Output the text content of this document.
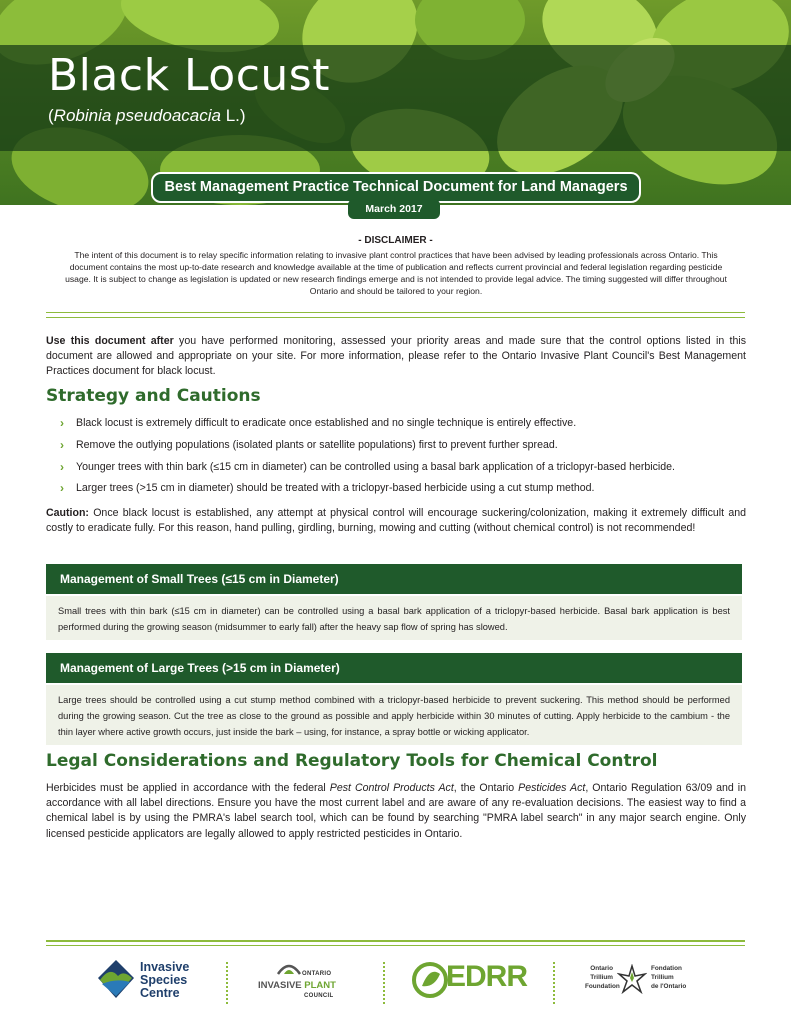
Black Locust

(Robinia pseudoacacia L.)

Best Management Practice Technical Document for Land Managers
March 2017
- DISCLAIMER -

The intent of this document is to relay specific information relating to invasive plant control practices that have been advised by leading professionals across Ontario. This document contains the most up-to-date research and knowledge available at the time of publication and reflects current provincial and federal legislation regarding pesticide usage. It is subject to change as legislation is updated or new research findings emerge and is not intended to provide legal advice. The timing suggested will differ throughout Ontario and should be tailored to your region.

Use this document after you have performed monitoring, assessed your priority areas and made sure that the control options listed in this document are allowed and appropriate on your site. For more information, please refer to the Ontario Invasive Plant Council's Best Management Practices document for black locust.

Strategy and Cautions
› Black locust is extremely difficult to eradicate once established and no single technique is entirely effective.
› Remove the outlying populations (isolated plants or satellite populations) first to prevent further spread.
› Younger trees with thin bark (≤15 cm in diameter) can be controlled using a basal bark application of a triclopyr-based herbicide.
› Larger trees (>15 cm in diameter) should be treated with a triclopyr-based herbicide using a cut stump method.

Caution: Once black locust is established, any attempt at physical control will encourage suckering/colonization, making it extremely difficult and costly to eradicate fully. For this reason, hand pulling, girdling, burning, mowing and cutting (without chemical control) is not recommended!

Management of Small Trees (≤15 cm in Diameter)

Small trees with thin bark (≤15 cm in diameter) can be controlled using a basal bark application of a triclopyr-based herbicide. Basal bark application is best performed during the growing season (midsummer to early fall) after the heavy sap flow of spring has slowed.

Management of Large Trees (>15 cm in Diameter)

Large trees should be controlled using a cut stump method combined with a triclopyr-based herbicide to prevent suckering. This method should be performed during the growing season. Cut the tree as close to the ground as possible and apply herbicide within 30 minutes of cutting. Apply herbicide to the cambium - the thin layer where active growth occurs, just inside the bark – using, for instance, a spray bottle or wicking applicator.

Legal Considerations and Regulatory Tools for Chemical Control

Herbicides must be applied in accordance with the federal Pest Control Products Act, the Ontario Pesticides Act, Ontario Regulation 63/09 and in accordance with all label directions. Ensure you have the most current label and are aware of any re-evaluation decisions. The easiest way to find a chemical label is by using the PMRA's label search tool, which can be found by searching "PMRA label search" in any major search engine. Only licensed pesticide applicators are legally allowed to apply restricted pesticides in Ontario.

Invasive
Species
Centre
ONTARIO
INVASIVE PLANT
COUNCIL
EDRR	Ontario
Trillium
Foundation
Fondation
Trillium
de l'Ontario
